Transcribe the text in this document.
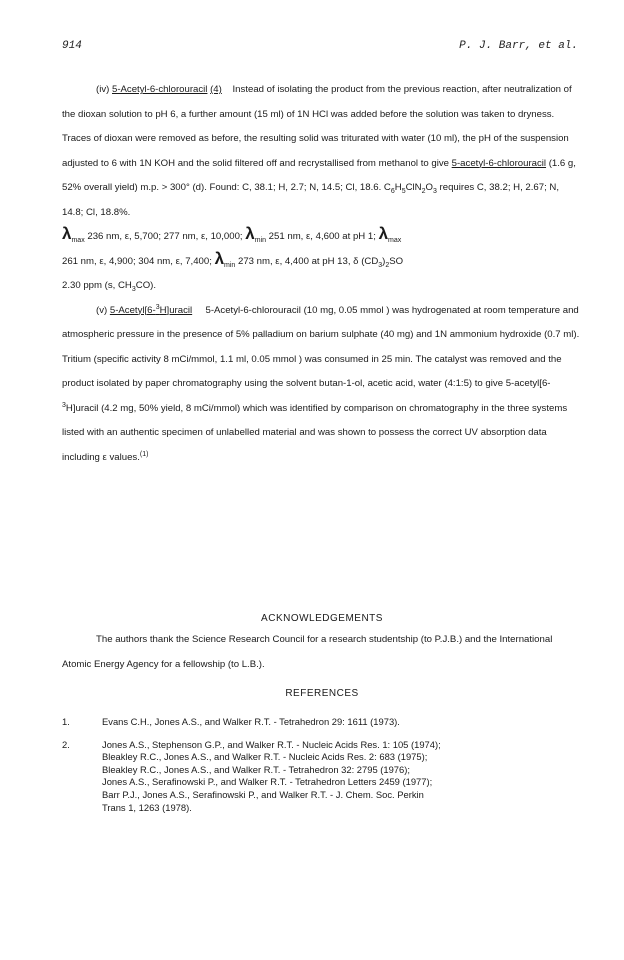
914	P. J. Barr, et al.

(iv) 5-Acetyl-6-chlorouracil (4) Instead of isolating the product from the previous reaction, after neutralization of the dioxan solution to pH 6, a further amount (15 ml) of 1N HCl was added before the solution was taken to dryness. Traces of dioxan were removed as before, the resulting solid was triturated with water (10 ml), the pH of the suspension adjusted to 6 with 1N KOH and the solid filtered off and recrystallised from methanol to give 5-acetyl-6-chlorouracil (1.6 g, 52% overall yield) m.p. > 300° (d). Found: C, 38.1; H, 2.7; N, 14.5; Cl, 18.6. $C_6H_5ClN_2O_3$ requires C, 38.2; H, 2.67; N, 14.8; Cl, 18.8%.
$\lambda_{max}$ 236 nm, ε, 5,700; 277 nm, ε, 10,000; $\lambda_{min}$ 251 nm, ε, 4,600 at pH 1; $\lambda_{max}$
261 nm, ε, 4,900; 304 nm, ε, 7,400; $\lambda_{min}$ 273 nm, ε, 4,400 at pH 13, δ $(CD_3)_2SO$
2.30 ppm (s, $CH_3CO$).

(v) 5-Acetyl[6-$^3$H]uracil 5-Acetyl-6-chlorouracil (10 mg, 0.05 mmol ) was hydrogenated at room temperature and atmospheric pressure in the presence of 5% palladium on barium sulphate (40 mg) and 1N ammonium hydroxide (0.7 ml). Tritium (specific activity 8 mCi/mmol, 1.1 ml, 0.05 mmol ) was consumed in 25 min. The catalyst was removed and the product isolated by paper chromatography using the solvent butan-1-ol, acetic acid, water (4:1:5) to give 5-acetyl[6-$^3$H]uracil (4.2 mg, 50% yield, 8 mCi/mmol) which was identified by comparison on chromatography in the three systems listed with an authentic specimen of unlabelled material and was shown to possess the correct UV absorption data including ε values.$^{(1)}$

ACKNOWLEDGEMENTS

The authors thank the Science Research Council for a research studentship (to P.J.B.) and the International Atomic Energy Agency for a fellowship (to L.B.).

REFERENCES
1.	Evans C.H., Jones A.S., and Walker R.T. - Tetrahedron 29: 1611 (1973).
2.	Jones A.S., Stephenson G.P., and Walker R.T. - Nucleic Acids Res. 1: 105 (1974);
Bleakley R.C., Jones A.S., and Walker R.T. - Nucleic Acids Res. 2: 683 (1975);
Bleakley R.C., Jones A.S., and Walker R.T. - Tetrahedron 32: 2795 (1976);
Jones A.S., Serafinowski P., and Walker R.T. - Tetrahedron Letters 2459 (1977);
Barr P.J., Jones A.S., Serafinowski P., and Walker R.T. - J. Chem. Soc. Perkin
Trans 1, 1263 (1978).
